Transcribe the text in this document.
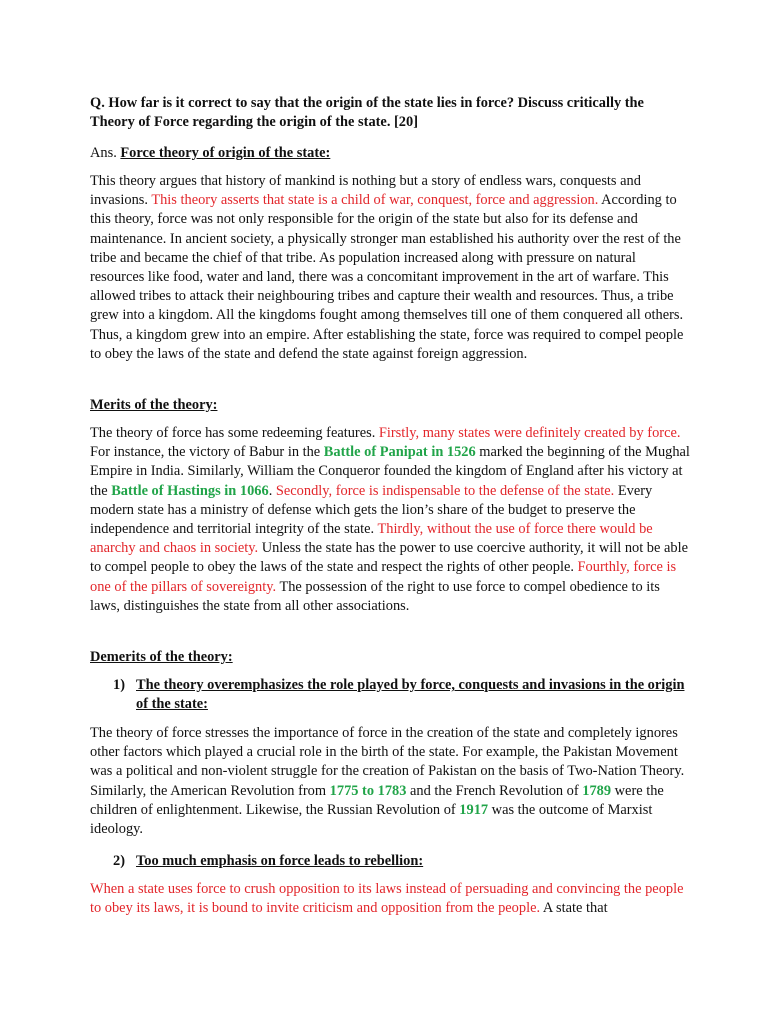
Q. How far is it correct to say that the origin of the state lies in force? Discuss critically the Theory of Force regarding the origin of the state. [20]

Ans. Force theory of origin of the state:

This theory argues that history of mankind is nothing but a story of endless wars, conquests and invasions. This theory asserts that state is a child of war, conquest, force and aggression. According to this theory, force was not only responsible for the origin of the state but also for its defense and maintenance. In ancient society, a physically stronger man established his authority over the rest of the tribe and became the chief of that tribe. As population increased along with pressure on natural resources like food, water and land, there was a concomitant improvement in the art of warfare. This allowed tribes to attack their neighbouring tribes and capture their wealth and resources. Thus, a tribe grew into a kingdom. All the kingdoms fought among themselves till one of them conquered all others. Thus, a kingdom grew into an empire. After establishing the state, force was required to compel people to obey the laws of the state and defend the state against foreign aggression.

Merits of the theory:

The theory of force has some redeeming features. Firstly, many states were definitely created by force. For instance, the victory of Babur in the Battle of Panipat in 1526 marked the beginning of the Mughal Empire in India. Similarly, William the Conqueror founded the kingdom of England after his victory at the Battle of Hastings in 1066. Secondly, force is indispensable to the defense of the state. Every modern state has a ministry of defense which gets the lion’s share of the budget to preserve the independence and territorial integrity of the state. Thirdly, without the use of force there would be anarchy and chaos in society. Unless the state has the power to use coercive authority, it will not be able to compel people to obey the laws of the state and respect the rights of other people. Fourthly, force is one of the pillars of sovereignty. The possession of the right to use force to compel obedience to its laws, distinguishes the state from all other associations.

Demerits of the theory:

1) The theory overemphasizes the role played by force, conquests and invasions in the origin of the state:

The theory of force stresses the importance of force in the creation of the state and completely ignores other factors which played a crucial role in the birth of the state. For example, the Pakistan Movement was a political and non-violent struggle for the creation of Pakistan on the basis of Two-Nation Theory. Similarly, the American Revolution from 1775 to 1783 and the French Revolution of 1789 were the children of enlightenment. Likewise, the Russian Revolution of 1917 was the outcome of Marxist ideology.

2) Too much emphasis on force leads to rebellion:

When a state uses force to crush opposition to its laws instead of persuading and convincing the people to obey its laws, it is bound to invite criticism and opposition from the people. A state that
